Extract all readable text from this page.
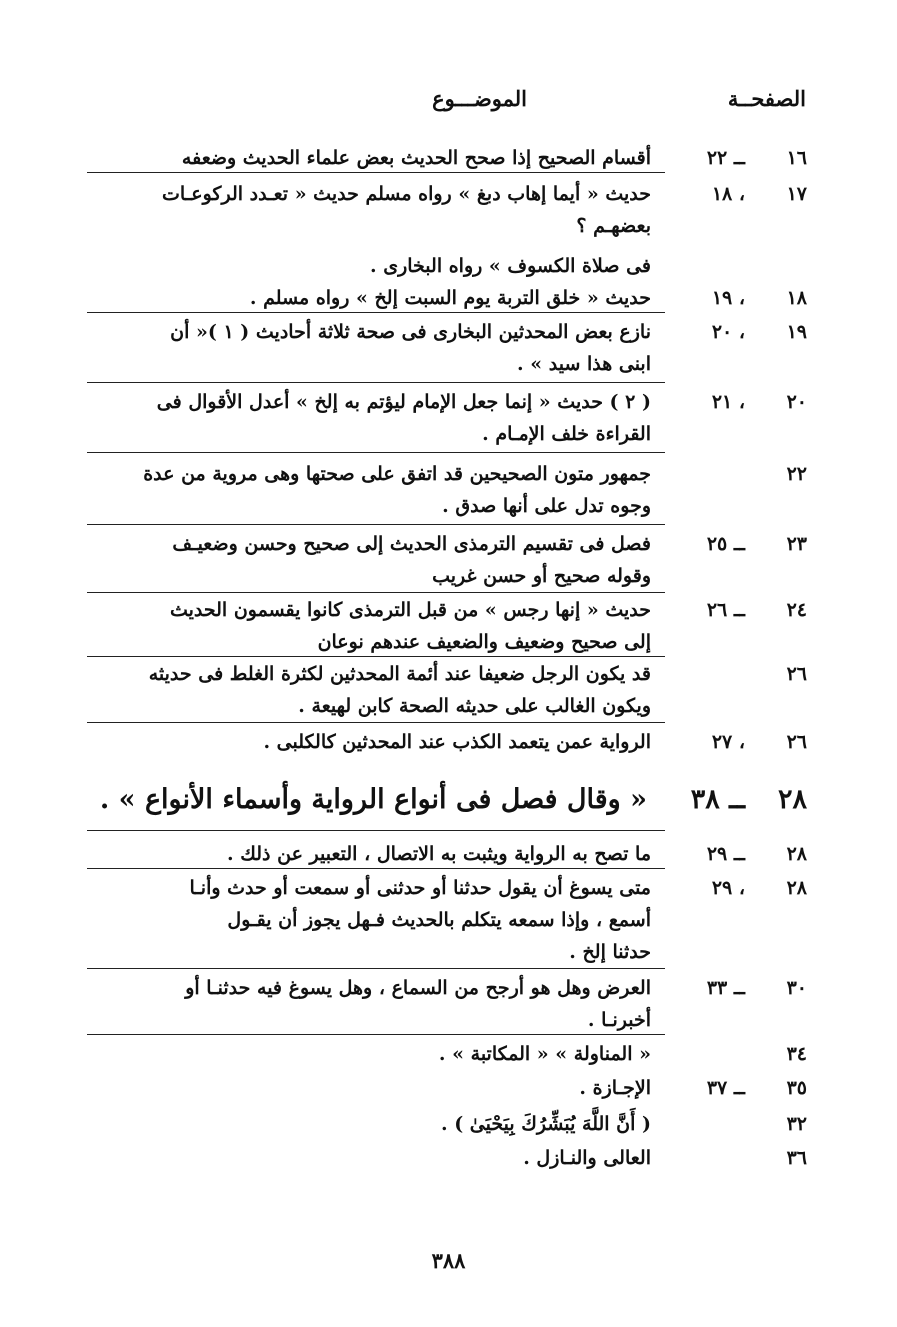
الصفحــة
الموضـــوع
١٦
ــ ٢٢
أقسام الصحيح إذا صحح الحديث بعض علماء الحديث وضعفه
١٧
، ١٨
حديث « أيما إهاب دبغ » رواه مسلم حديث « تعـدد الركوعـات
بعضهـم ؟
فى صلاة الكسوف » رواه البخارى .
١٨
، ١٩
حديث « خلق التربة يوم السبت إلخ » رواه مسلم .
١٩
، ٢٠
نازع بعض المحدثين البخارى فى صحة ثلاثة أحاديث ( ١ )« أن
ابنى هذا سيد » .
٢٠
، ٢١
( ٢ ) حديث « إنما جعل الإمام ليؤتم به إلخ » أعدل الأقوال فى
القراءة خلف الإمـام .
٢٢
جمهور متون الصحيحين قد اتفق على صحتها وهى مروية من عدة
وجوه تدل على أنها صدق .
٢٣
ــ ٢٥
فصل فى تقسيم الترمذى الحديث إلى صحيح وحسن وضعيـف
وقوله صحيح أو حسن غريب
٢٤
ــ ٢٦
حديث « إنها رجس » من قبل الترمذى كانوا يقسمون الحديث
إلى صحيح وضعيف والضعيف عندهم نوعان
٢٦
قد يكون الرجل ضعيفا عند أئمة المحدثين لكثرة الغلط فى حديثه
ويكون الغالب على حديثه الصحة كابن لهيعة .
٢٦
، ٢٧
الرواية عمن يتعمد الكذب عند المحدثين كالكلبى .
٢٨
ــ ٣٨
« وقال فصل فى أنواع الرواية وأسماء الأنواع » .
٢٨
ــ ٢٩
ما تصح به الرواية ويثبت به الاتصال ، التعبير عن ذلك .
٢٨
، ٢٩
متى يسوغ أن يقول حدثنا أو حدثنى أو سمعت أو حدث وأنـا
أسمع ، وإذا سمعه يتكلم بالحديث فـهل يجوز أن يقـول
حدثنا إلخ .
٣٠
ــ ٣٣
العرض وهل هو أرجح من السماع ، وهل يسوغ فيه حدثنـا أو
أخبرنـا .
٣٤
« المناولة » « المكاتبة » .
٣٥
ــ ٣٧
الإجـازة .
٣٢
( أَنَّ اللَّهَ يُبَشِّرُكَ بِيَحْيَىٰ ) .
٣٦
العالى والنـازل .
٣٨٨
